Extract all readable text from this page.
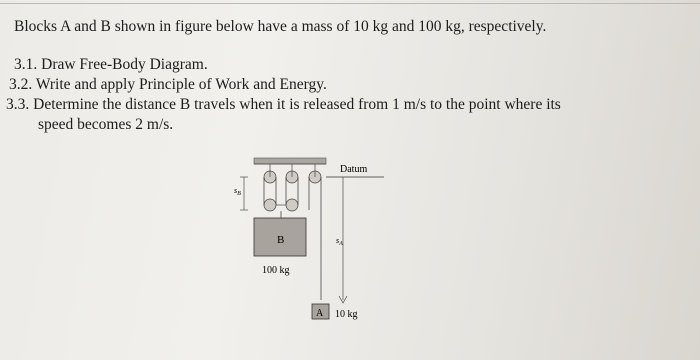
Blocks A and B shown in figure below have a mass of 10 kg and 100 kg, respectively.
3.1. Draw Free-Body Diagram.
3.2. Write and apply Principle of Work and Energy.
3.3. Determine the distance B travels when it is released from 1 m/s to the point where its
speed becomes 2 m/s.
Datum
B
100 kg
$s_B$
$s_A$
A 10 kg
